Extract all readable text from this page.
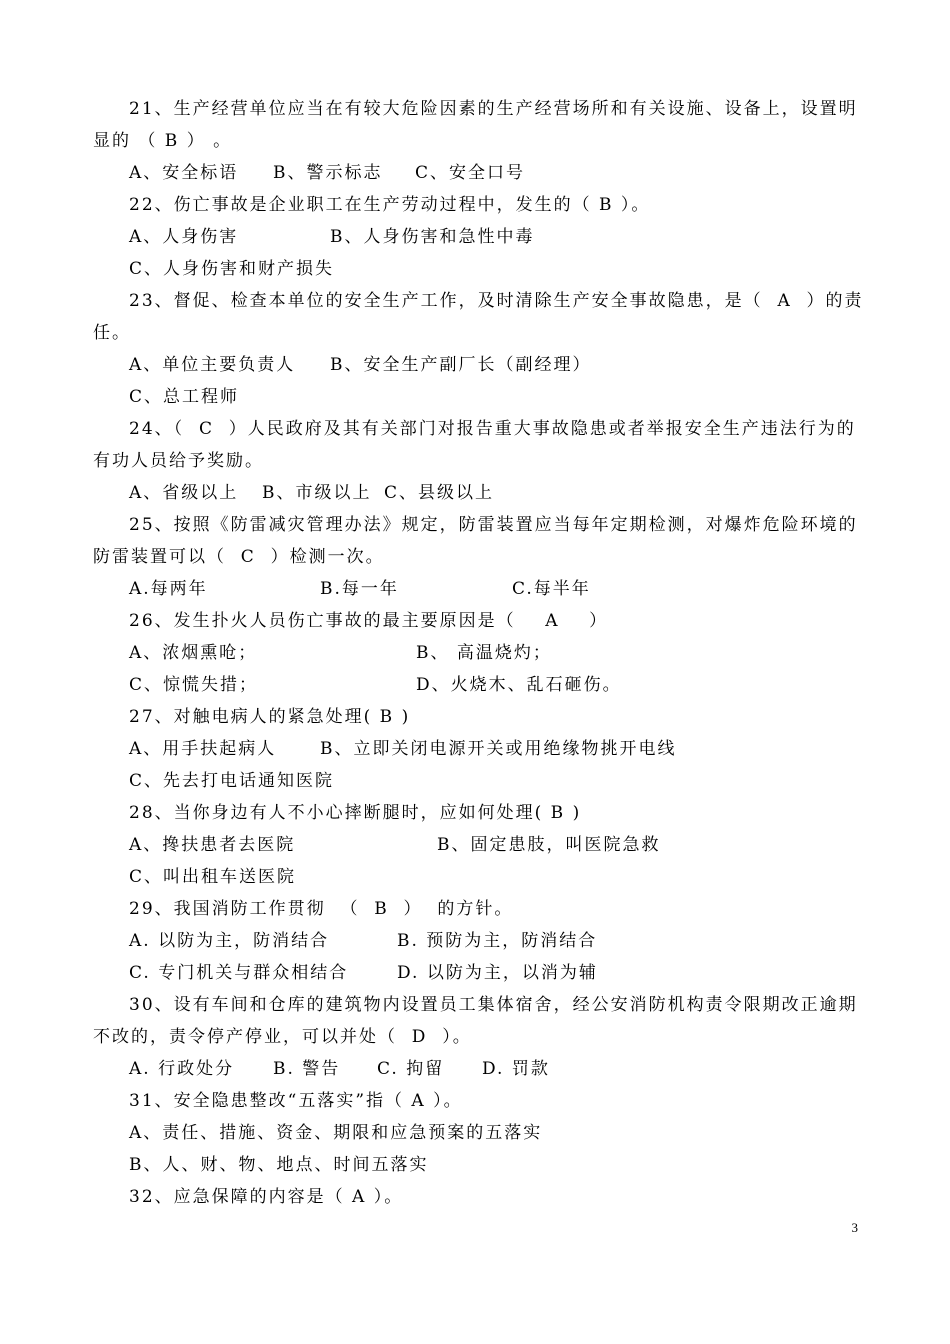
21、生产经营单位应当在有较大危险因素的生产经营场所和有关设施、设备上，设置明
显的 （ B ） 。

A、安全标语

B、警示标志

C、安全口号

22、伤亡事故是企业职工在生产劳动过程中，发生的（ B ）。

A、人身伤害

	B、人身伤害和急性中毒

C、人身伤害和财产损失
23、督促、检查本单位的安全生产工作，及时清除生产安全事故隐患，是（  A  ）的责
任。

A、单位主要负责人

B、安全生产副厂长（副经理）

C、总工程师
24、（  C  ）人民政府及其有关部门对报告重大事故隐患或者举报安全生产违法行为的
有功人员给予奖励。

A、省级以上

B、市级以上

C、县级以上

25、按照《防雷减灾管理办法》规定，防雷装置应当每年定期检测，对爆炸危险环境的
防雷装置可以（  C  ）检测一次。

A.每两年

	B.每一年

	C.每半年

26、发生扑火人员伤亡事故的最主要原因是（    A    ）

A、浓烟熏呛；

	B、 高温烧灼；

C、惊慌失措；

	D、火烧木、乱石砸伤。

27、对触电病人的紧急处理( B )

A、用手扶起病人

	B、立即关闭电源开关或用绝缘物挑开电线

C、先去打电话通知医院
28、当你身边有人不小心摔断腿时，应如何处理( B )

A、搀扶患者去医院

	B、固定患肢，叫医院急救

C、叫出租车送医院
29、我国消防工作贯彻  （  B  ）  的方针。

A. 以防为主，防消结合

	B. 预防为主，防消结合

C. 专门机关与群众相结合

	D. 以防为主，以消为辅

30、设有车间和仓库的建筑物内设置员工集体宿舍，经公安消防机构责令限期改正逾期
不改的，责令停产停业，可以并处（  D  ）。

A. 行政处分

B. 警告

C. 拘留

D. 罚款

31、安全隐患整改“五落实”指（ A ）。
A、责任、措施、资金、期限和应急预案的五落实
B、人、财、物、地点、时间五落实
32、应急保障的内容是（ A ）。
3
